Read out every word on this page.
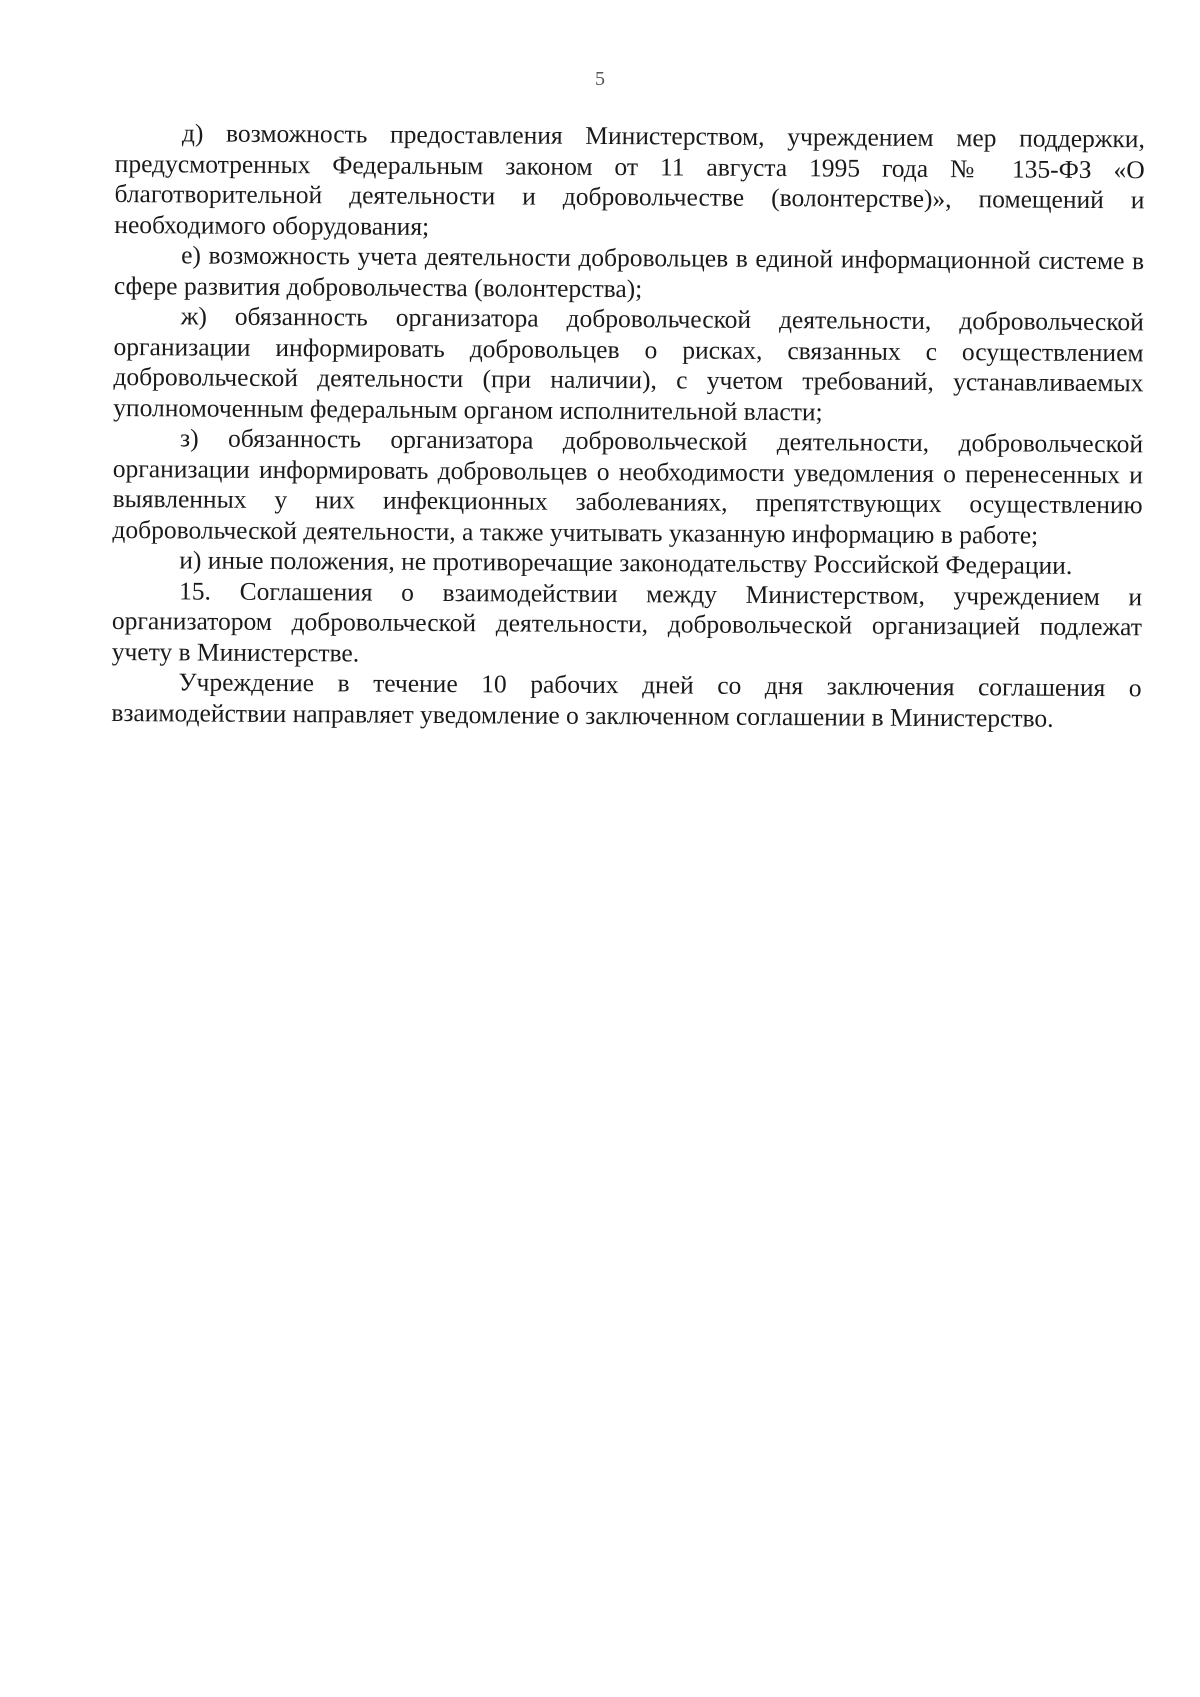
5

д) возможность предоставления Министерством, учреждением мер поддержки, предусмотренных Федеральным законом от 11 августа 1995 года № 135-ФЗ «О благотворительной деятельности и добровольчестве (волонтерстве)», помещений и необходимого оборудования;

е) возможность учета деятельности добровольцев в единой информационной системе в сфере развития добровольчества (волонтерства);

ж) обязанность организатора добровольческой деятельности, добровольческой организации информировать добровольцев о рисках, связанных с осуществлением добровольческой деятельности (при наличии), с учетом требований, устанавливаемых уполномоченным федеральным органом исполнительной власти;

з) обязанность организатора добровольческой деятельности, добровольческой организации информировать добровольцев о необходимости уведомления о перенесенных и выявленных у них инфекционных заболеваниях, препятствующих осуществлению добровольческой деятельности, а также учитывать указанную информацию в работе;

и) иные положения, не противоречащие законодательству Российской Федерации.

15. Соглашения о взаимодействии между Министерством, учреждением и организатором добровольческой деятельности, добровольческой организацией подлежат учету в Министерстве.

Учреждение в течение 10 рабочих дней со дня заключения соглашения о взаимодействии направляет уведомление о заключенном соглашении в Министерство.
